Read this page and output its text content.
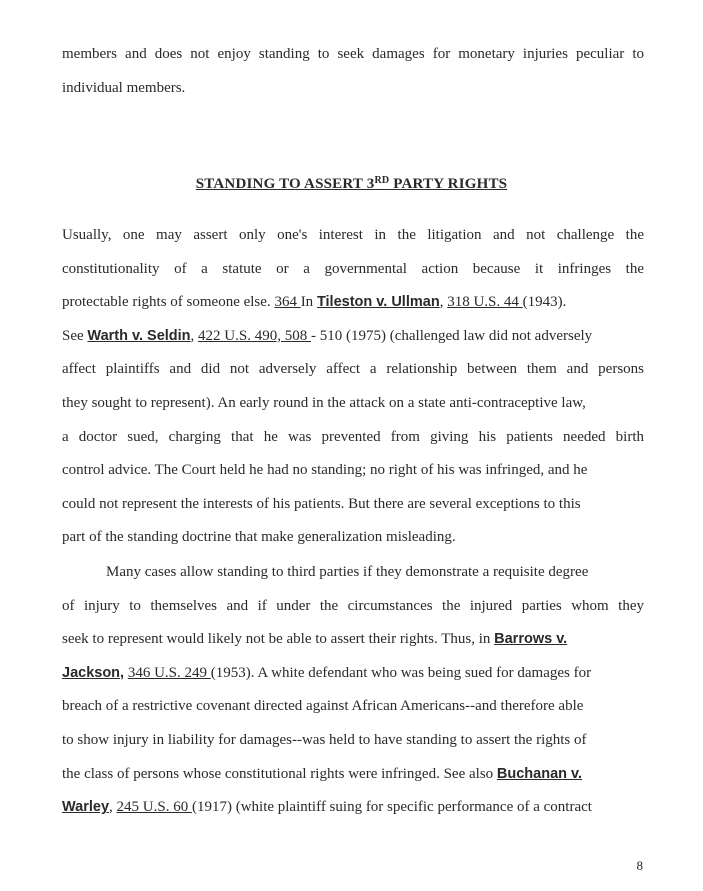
members and does not enjoy standing to seek damages for monetary injuries peculiar to
individual members.
STANDING TO ASSERT 3RD PARTY RIGHTS
Usually, one may assert only one's interest in the litigation and not challenge the
constitutionality of a statute or a governmental action because it infringes the
protectable rights of someone else. 364 In Tileston v. Ullman, 318 U.S. 44 (1943).
See Warth v. Seldin, 422 U.S. 490, 508 - 510 (1975) (challenged law did not adversely
affect plaintiffs and did not adversely affect a relationship between them and persons
they sought to represent). An early round in the attack on a state anti-contraceptive law,
a doctor sued, charging that he was prevented from giving his patients needed birth
control advice. The Court held he had no standing; no right of his was infringed, and he
could not represent the interests of his patients. But there are several exceptions to this
part of the standing doctrine that make generalization misleading.
Many cases allow standing to third parties if they demonstrate a requisite degree
of injury to themselves and if under the circumstances the injured parties whom they
seek to represent would likely not be able to assert their rights. Thus, in Barrows v.
Jackson, 346 U.S. 249 (1953). A white defendant who was being sued for damages for
breach of a restrictive covenant directed against African Americans--and therefore able
to show injury in liability for damages--was held to have standing to assert the rights of
the class of persons whose constitutional rights were infringed. See also Buchanan v.
Warley, 245 U.S. 60 (1917) (white plaintiff suing for specific performance of a contract
8
